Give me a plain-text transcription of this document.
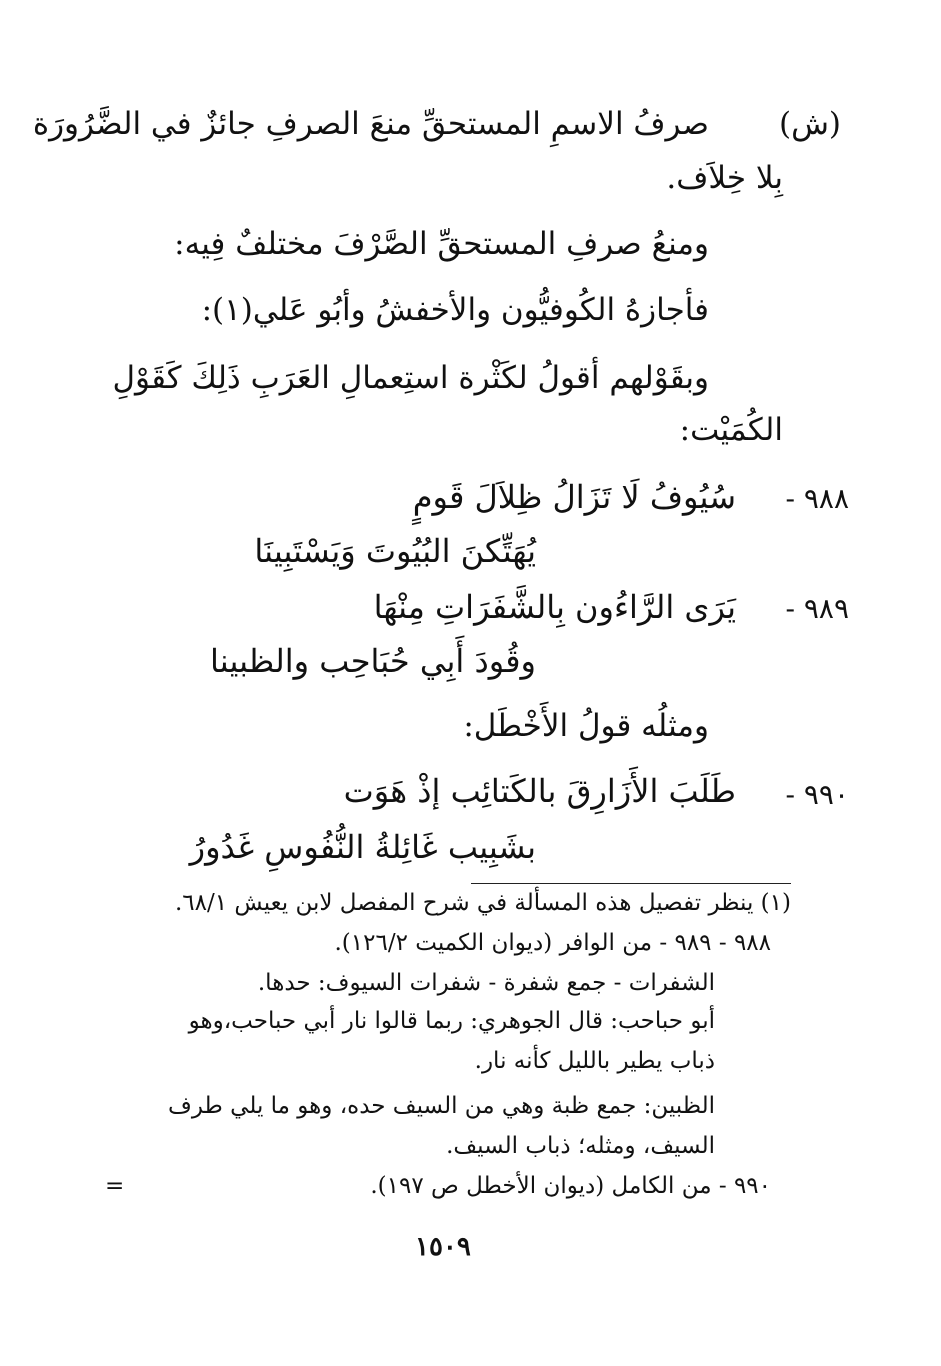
(ش)
صرفُ الاسمِ المستحقِّ منعَ الصرفِ جائزٌ في الضَّرُورَة
بِلا خِلاَف.
ومنعُ صرفِ المستحقِّ الصَّرْفَ مختلفٌ فِيه:
فأجازهُ الكُوفيُّون والأخفشُ وأبُو عَلي(١):
وبقَوْلهم أقولُ لكَثْرة استِعمالِ العَرَبِ ذَلِكَ كَقَوْلِ
الكُمَيْت:
٩٨٨ -
سُيُوفُ لَا تَزَالُ ظِلاَلَ قَومٍ
يُهَتِّكنَ البُيُوتَ وَيَسْتَبِينَا
٩٨٩ -
يَرَى الرَّاءُون بِالشَّفَرَاتِ مِنْهَا
وقُودَ أَبِي حُبَاحِب والظبينا
ومثلُه قولُ الأَخْطَل:
٩٩٠ -
طَلَبَ الأَزَارِقَ بالكَتائِب إذْ هَوَت
بشَبِيب غَائِلةُ النُّفُوسِ غَدُورُ
(١) ينظر تفصيل هذه المسألة في شرح المفصل لابن يعيش ٦٨/١.
٩٨٨ - ٩٨٩ - من الوافر (ديوان الكميت ١٢٦/٢).
الشفرات - جمع شفرة - شفرات السيوف: حدها.
أبو حباحب: قال الجوهري: ربما قالوا نار أبي حباحب،وهو
ذباب يطير بالليل كأنه نار.
الظبين: جمع ظبة وهي من السيف حده، وهو ما يلي طرف
السيف، ومثله؛ ذباب السيف.
٩٩٠ - من الكامل (ديوان الأخطل ص ١٩٧).
=
١٥٠٩
